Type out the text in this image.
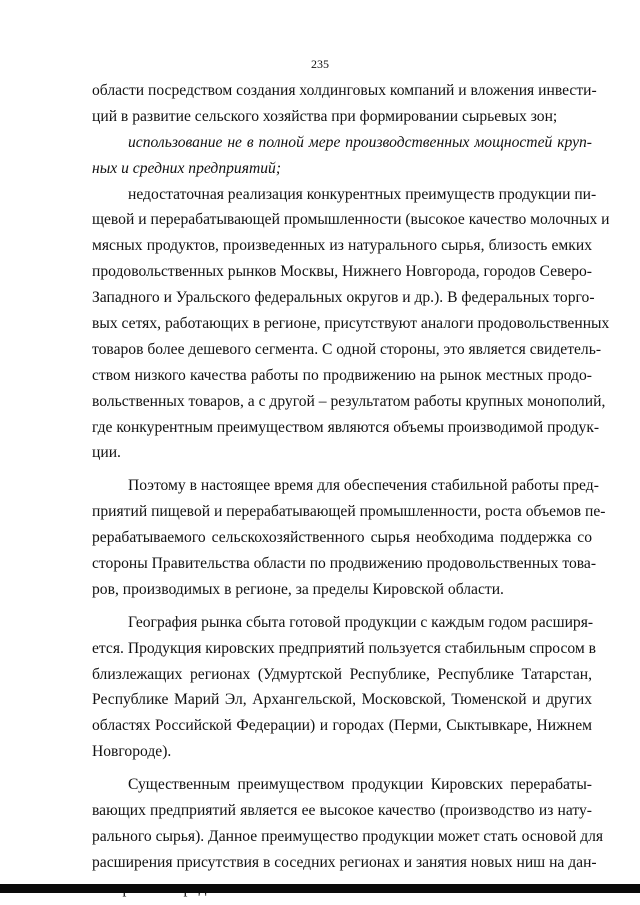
235
области посредством создания холдинговых компаний и вложения инвести-
ций в развитие сельского хозяйства при формировании сырьевых зон;
использование не в полной мере производственных мощностей круп-
ных и средних предприятий;
недостаточная реализация конкурентных преимуществ продукции пи-
щевой и перерабатывающей промышленности (высокое качество молочных и
мясных продуктов, произведенных из натурального сырья, близость емких
продовольственных рынков Москвы, Нижнего Новгорода, городов Северо-
Западного и Уральского федеральных округов и др.). В федеральных торго-
вых сетях, работающих в регионе, присутствуют аналоги продовольственных
товаров более дешевого сегмента. С одной стороны, это является свидетель-
ством низкого качества работы по продвижению на рынок местных продо-
вольственных товаров, а с другой – результатом работы крупных монополий,
где конкурентным преимуществом являются объемы производимой продук-
ции.
Поэтому в настоящее время для обеспечения стабильной работы пред-
приятий пищевой и перерабатывающей промышленности, роста объемов пе-
рерабатываемого сельскохозяйственного сырья необходима поддержка со
стороны Правительства области по продвижению продовольственных това-
ров, производимых в регионе, за пределы Кировской области.
География рынка сбыта готовой продукции с каждым годом расширя-
ется. Продукция кировских предприятий пользуется стабильным спросом в
близлежащих регионах (Удмуртской Республике, Республике Татарстан,
Республике Марий Эл, Архангельской, Московской, Тюменской и других
областях Российской Федерации) и городах (Перми, Сыктывкаре, Нижнем
Новгороде).
Существенным преимуществом продукции Кировских перерабаты-
вающих предприятий является ее высокое качество (производство из нату-
рального сырья). Данное преимущество продукции может стать основой для
расширения присутствия в соседних регионах и занятия новых ниш на дан-
